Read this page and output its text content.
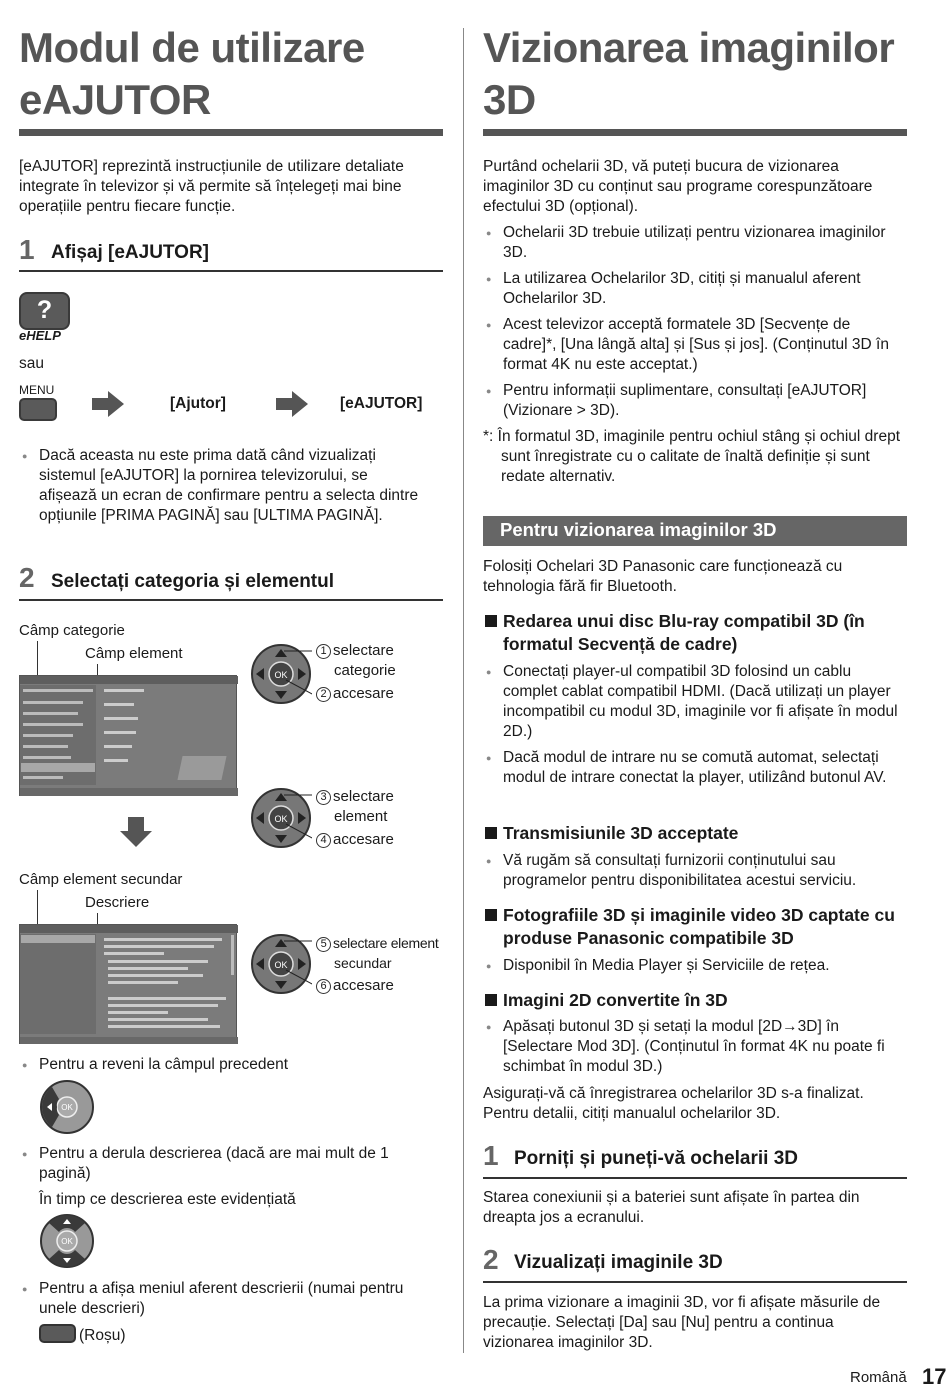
Modul de utilizare
eAJUTOR
[eAJUTOR] reprezintă instrucțiunile de utilizare detaliate integrate în televizor și vă permite să înțelegeți mai bine operațiile pentru fiecare funcție.
1 Afișaj [eAJUTOR]
?
eHELP
sau
MENU
[Ajutor]	[eAJUTOR]
● Dacă aceasta nu este prima dată când vizualizați sistemul [eAJUTOR] la pornirea televizorului, se afișează un ecran de confirmare pentru a selecta dintre opțiunile [PRIMA PAGINĂ] sau [ULTIMA PAGINĂ].
2 Selectați categoria și elementul
Câmp categorie
Câmp element
OK
1 selectare
categorie
2 accesare
OK
3 selectare
element
4 accesare
Câmp element secundar
Descriere
OK
5 selectare element
secundar
6 accesare
● Pentru a reveni la câmpul precedent
OK
● Pentru a derula descrierea (dacă are mai mult de 1 pagină)
În timp ce descrierea este evidențiată
OK
● Pentru a afișa meniul aferent descrierii (numai pentru unele descrieri)
(Roșu)
Vizionarea imaginilor
3D
Purtând ochelarii 3D, vă puteți bucura de vizionarea imaginilor 3D cu conținut sau programe corespunzătoare efectului 3D (opțional).
● Ochelarii 3D trebuie utilizați pentru vizionarea imaginilor 3D.
● La utilizarea Ochelarilor 3D, citiți și manualul aferent Ochelarilor 3D.
● Acest televizor acceptă formatele 3D [Secvențe de cadre]*, [Una lângă alta] și [Sus și jos]. (Conținutul 3D în format 4K nu este acceptat.)
● Pentru informații suplimentare, consultați [eAJUTOR] (Vizionare > 3D).
*: În formatul 3D, imaginile pentru ochiul stâng și ochiul drept sunt înregistrate cu o calitate de înaltă definiție și sunt redate alternativ.
Pentru vizionarea imaginilor 3D
Folosiți Ochelari 3D Panasonic care funcționează cu tehnologia fără fir Bluetooth.
Redarea unui disc Blu-ray compatibil 3D (în formatul Secvență de cadre)
● Conectați player-ul compatibil 3D folosind un cablu complet cablat compatibil HDMI. (Dacă utilizați un player incompatibil cu modul 3D, imaginile vor fi afișate în modul 2D.)
● Dacă modul de intrare nu se comută automat, selectați modul de intrare conectat la player, utilizând butonul AV.
Transmisiunile 3D acceptate
● Vă rugăm să consultați furnizorii conținutului sau programelor pentru disponibilitatea acestui serviciu.
Fotografiile 3D și imaginile video 3D captate cu produse Panasonic compatibile 3D
● Disponibil în Media Player și Serviciile de rețea.
Imagini 2D convertite în 3D
● Apăsați butonul 3D și setați la modul [2D→3D] în [Selectare Mod 3D]. (Conținutul în format 4K nu poate fi schimbat în modul 3D.)
Asigurați-vă că înregistrarea ochelarilor 3D s-a finalizat. Pentru detalii, citiți manualul ochelarilor 3D.
1 Porniți și puneți-vă ochelarii 3D
Starea conexiunii și a bateriei sunt afișate în partea din dreapta jos a ecranului.
2 Vizualizați imaginile 3D
La prima vizionare a imaginii 3D, vor fi afișate măsurile de precauție. Selectați [Da] sau [Nu] pentru a continua vizionarea imaginilor 3D.
Română 17
